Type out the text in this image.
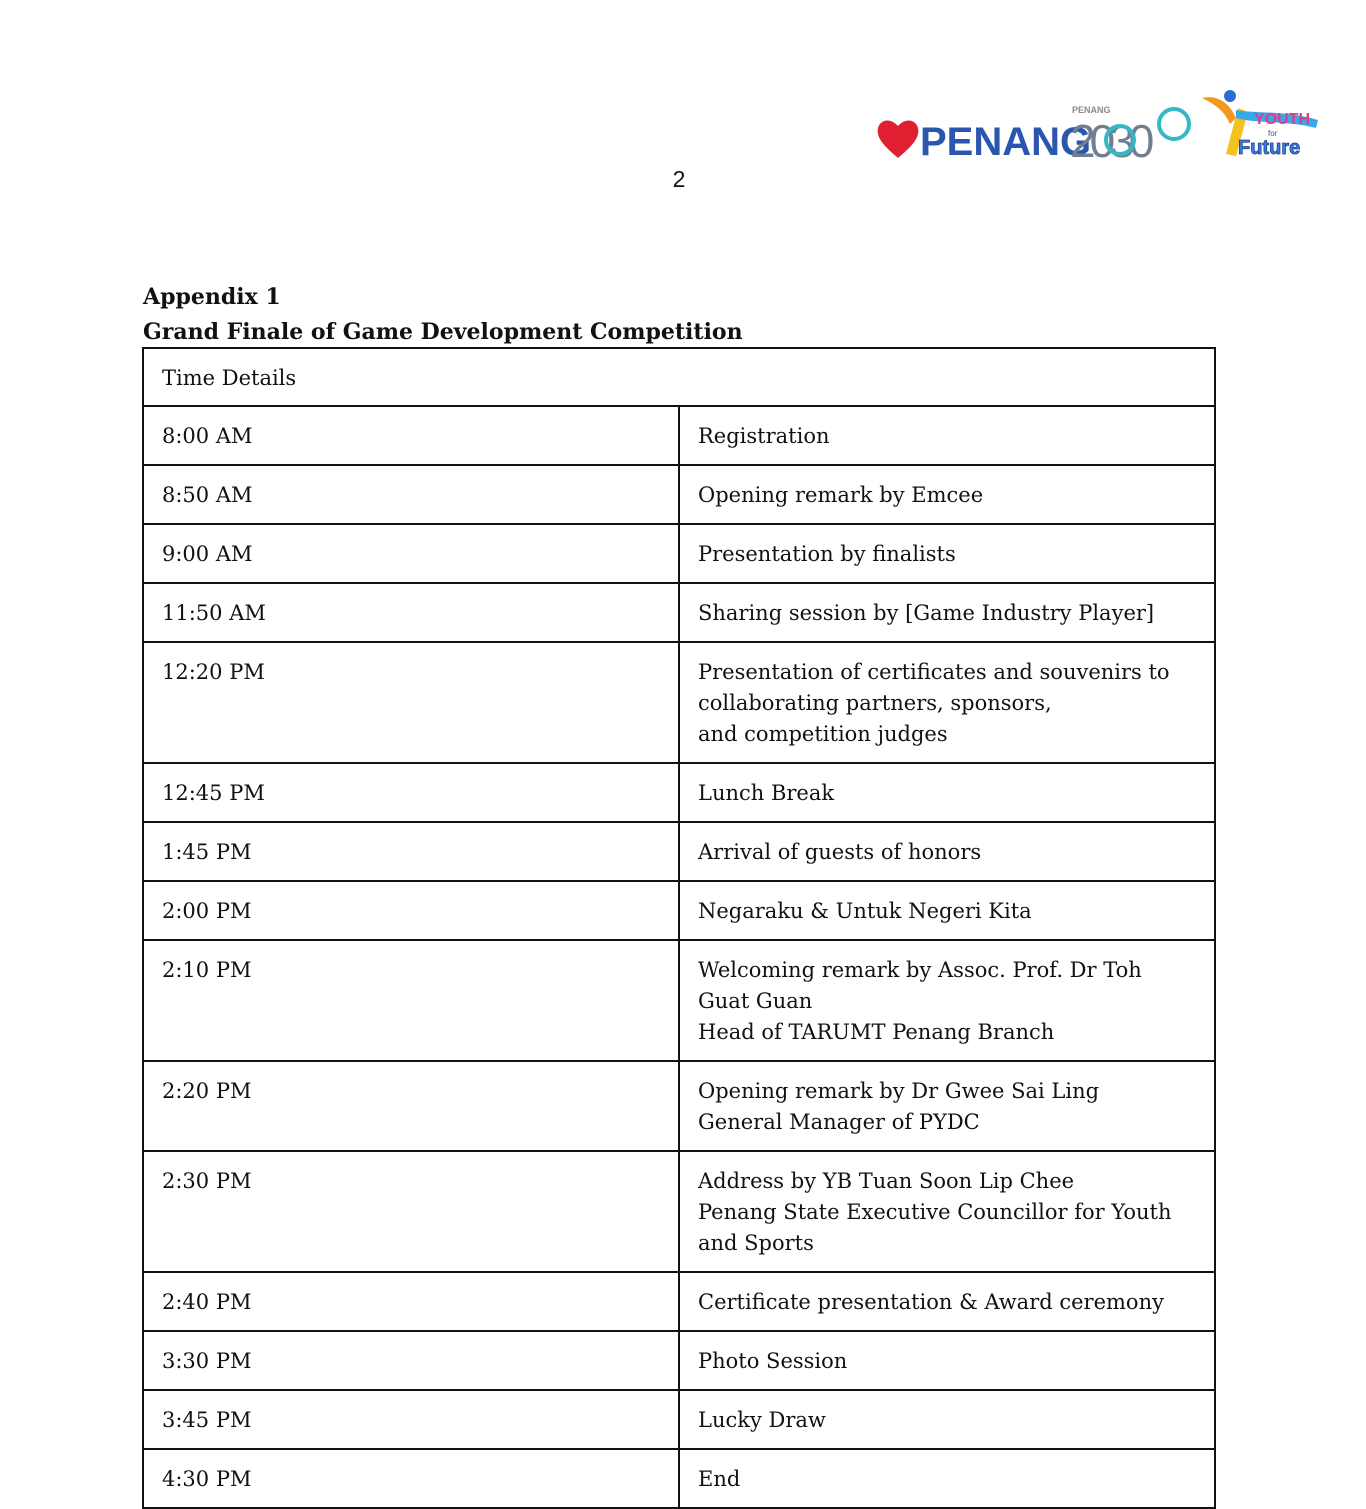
2
PENANG
PENANG
2030	YOUTH
for
Future
Appendix 1
Grand Finale of Game Development Competition
Time Details	
8:00 AM	Registration

8:50 AM	Opening remark by Emcee

9:00 AM	Presentation by finalists

11:50 AM	Sharing session by [Game Industry Player]

12:20 PM	Presentation of certificates and souvenirs to collaborating partners, sponsors,
and competition judges

12:45 PM	Lunch Break

1:45 PM	Arrival of guests of honors

2:00 PM	Negaraku & Untuk Negeri Kita

2:10 PM	Welcoming remark by Assoc. Prof. Dr Toh Guat Guan
Head of TARUMT Penang Branch

2:20 PM	Opening remark by Dr Gwee Sai Ling
General Manager of PYDC

2:30 PM	Address by YB Tuan Soon Lip Chee
Penang State Executive Councillor for Youth and Sports

2:40 PM	Certificate presentation & Award ceremony

3:30 PM	Photo Session

3:45 PM	Lucky Draw

4:30 PM	End
